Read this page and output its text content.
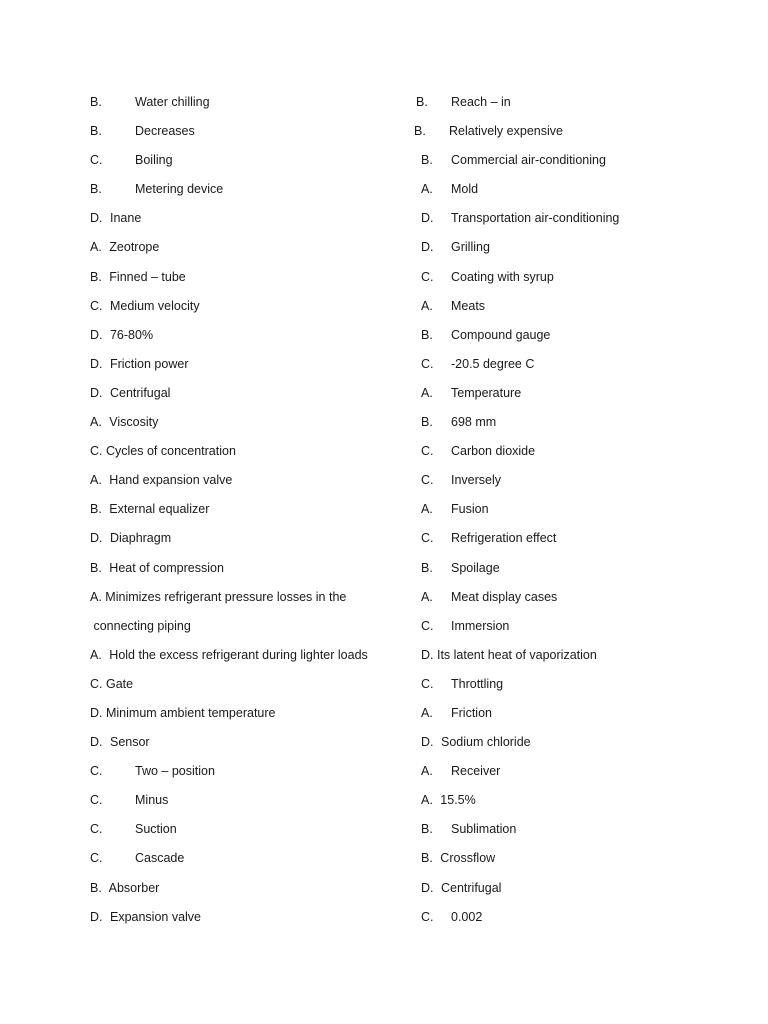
B.	Water chilling
B.	Decreases
C.	Boiling
B.	Metering device
D. Inane
A. Zeotrope
B. Finned – tube
C. Medium velocity
D. 76-80%
D. Friction power
D. Centrifugal
A. Viscosity
C. Cycles of concentration
A. Hand expansion valve
B. External equalizer
D. Diaphragm
B. Heat of compression
A. Minimizes refrigerant pressure losses in the
connecting piping
A. Hold the excess refrigerant during lighter loads
C. Gate
D. Minimum ambient temperature
D. Sensor
C.	Two – position
C.	Minus
C.	Suction
C.	Cascade
B. Absorber
D. Expansion valve
B. Reach – in
B. Relatively expensive
B. Commercial air-conditioning
A. Mold
D. Transportation air-conditioning
D. Grilling
C. Coating with syrup
A. Meats
B. Compound gauge
C. -20.5 degree C
A. Temperature
B. 698 mm
C. Carbon dioxide
C. Inversely
A. Fusion
C. Refrigeration effect
B. Spoilage
A. Meat display cases
C. Immersion
D. Its latent heat of vaporization
C. Throttling
A. Friction
D. Sodium chloride
A. Receiver
A. 15.5%
B. Sublimation
B. Crossflow
D. Centrifugal
C. 0.002
